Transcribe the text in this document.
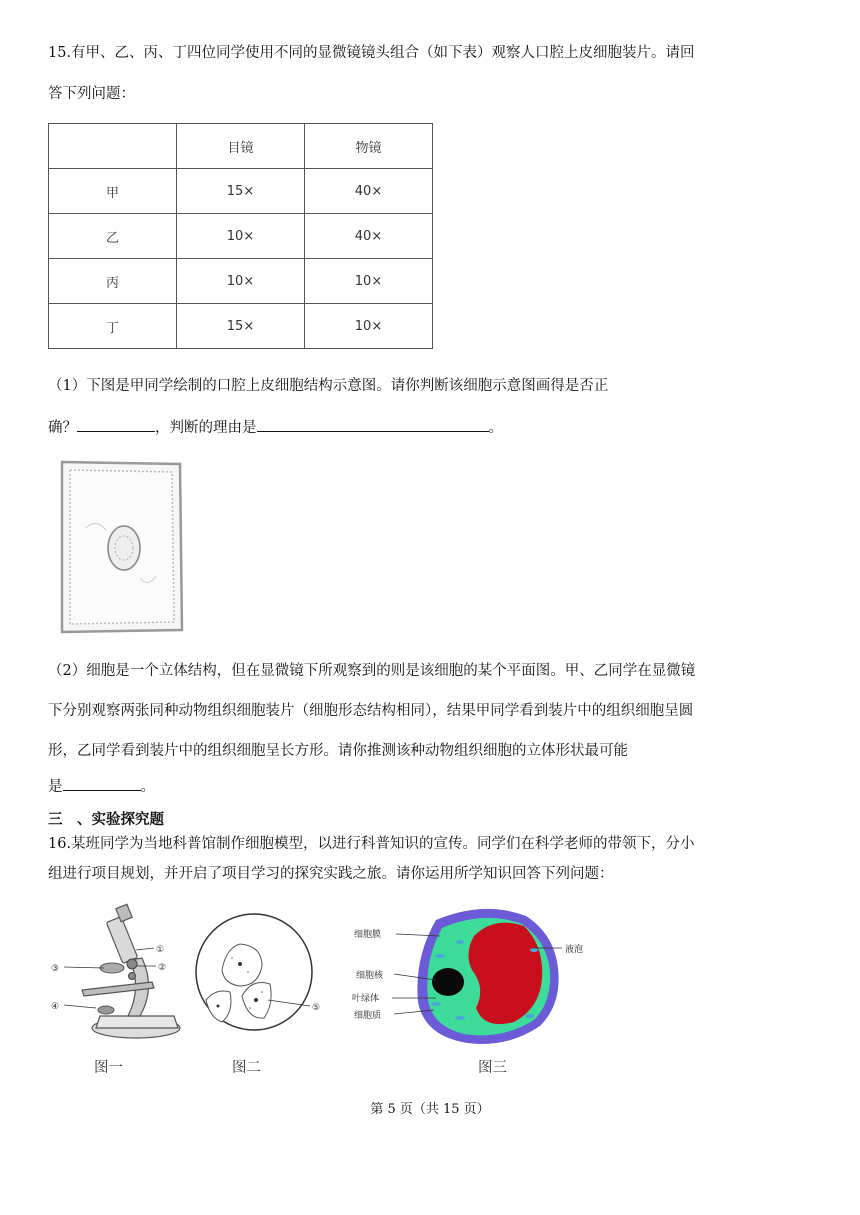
15.有甲、乙、丙、丁四位同学使用不同的显微镜镜头组合（如下表）观察人口腔上皮细胞装片。请回
答下列问题：
	目镜	物镜
甲	15×	40×
乙	10×	40×
丙	10×	10×
丁	15×	10×
（1）下图是甲同学绘制的口腔上皮细胞结构示意图。请你判断该细胞示意图画得是否正
确？	，判断的理由是	。
（2）细胞是一个立体结构，但在显微镜下所观察到的则是该细胞的某个平面图。甲、乙同学在显微镜
下分别观察两张同种动物组织细胞装片（细胞形态结构相同），结果甲同学看到装片中的组织细胞呈圆
形，乙同学看到装片中的组织细胞呈长方形。请你推测该种动物组织细胞的立体形状最可能
是	。
三　、实验探究题
16.某班同学为当地科普馆制作细胞模型，以进行科普知识的宣传。同学们在科学老师的带领下，分小
组进行项目规划，并开启了项目学习的探究实践之旅。请你运用所学知识回答下列问题：
①
②
③
④	⑤
细胞膜
细胞核
叶绿体
细胞质
液泡
图一	图二	图三
第 5 页（共 15 页）
